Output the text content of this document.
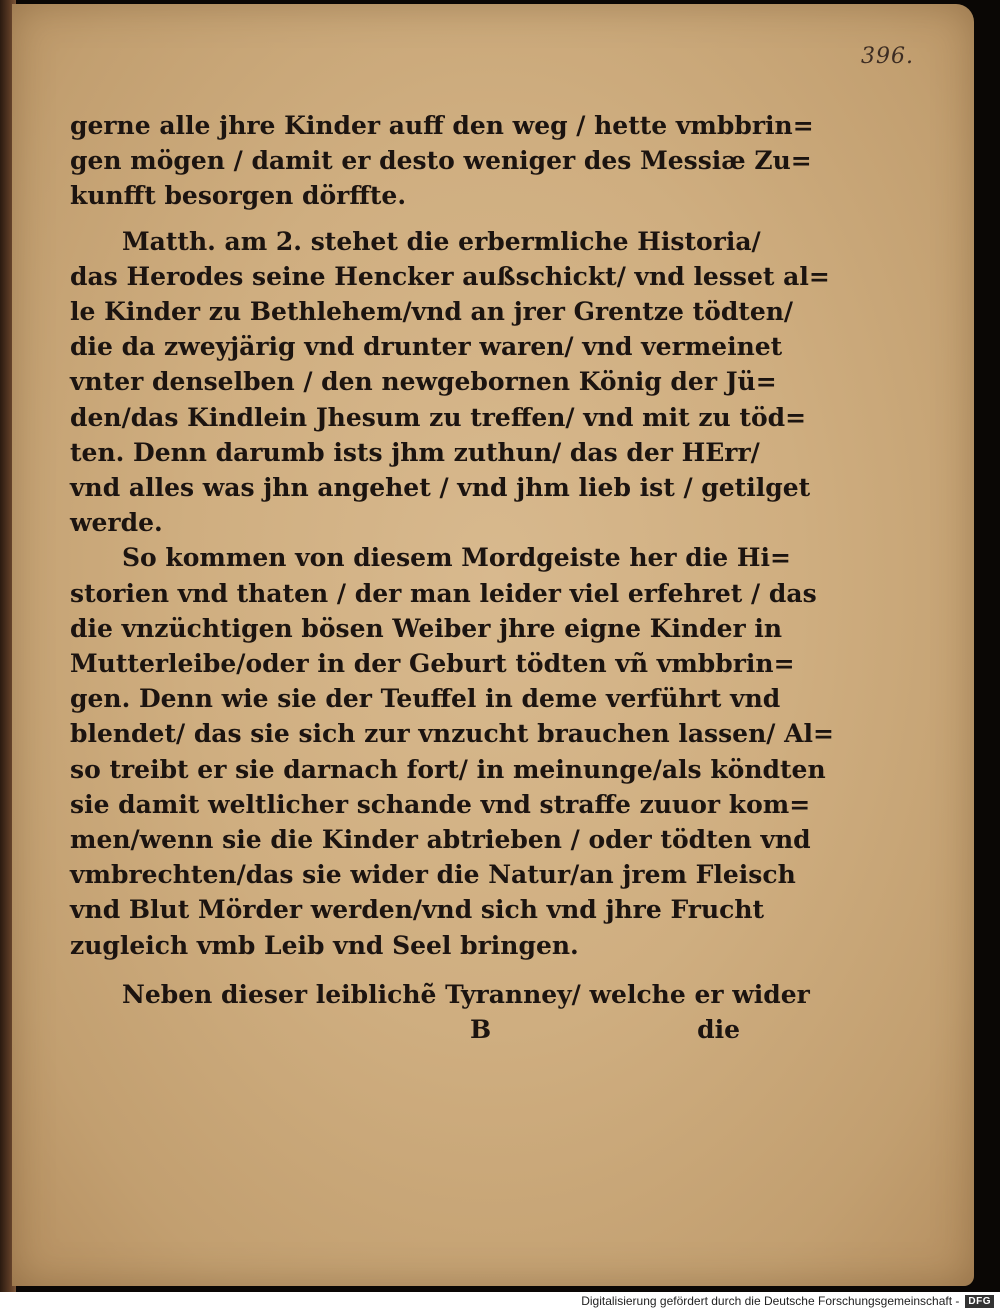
396.
gerne alle jhre Kinder auff den weg / hette vmbbrin=
gen mögen / damit er desto weniger des Messiæ Zu=
kunfft besorgen dörffte.
Matth. am 2. stehet die erbermliche Historia/
das Herodes seine Hencker außschickt/ vnd lesset al=
le Kinder zu Bethlehem/vnd an jrer Grentze tödten/
die da zweyjärig vnd drunter waren/ vnd vermeinet
vnter denselben / den newgebornen König der Jü=
den/das Kindlein Jhesum zu treffen/ vnd mit zu töd=
ten. Denn darumb ists jhm zuthun/ das der HErr/
vnd alles was jhn angehet / vnd jhm lieb ist / getilget
werde.
So kommen von diesem Mordgeiste her die Hi=
storien vnd thaten / der man leider viel erfehret / das
die vnzüchtigen bösen Weiber jhre eigne Kinder in
Mutterleibe/oder in der Geburt tödten vñ vmbbrin=
gen. Denn wie sie der Teuffel in deme verführt vnd
blendet/ das sie sich zur vnzucht brauchen lassen/ Al=
so treibt er sie darnach fort/ in meinunge/als köndten
sie damit weltlicher schande vnd straffe zuuor kom=
men/wenn sie die Kinder abtrieben / oder tödten vnd
vmbrechten/das sie wider die Natur/an jrem Fleisch
vnd Blut Mörder werden/vnd sich vnd jhre Frucht
zugleich vmb Leib vnd Seel bringen.
Neben dieser leiblichẽ Tyranney/ welche er wider
B	die
Digitalisierung gefördert durch die Deutsche Forschungsgemeinschaft - DFG
